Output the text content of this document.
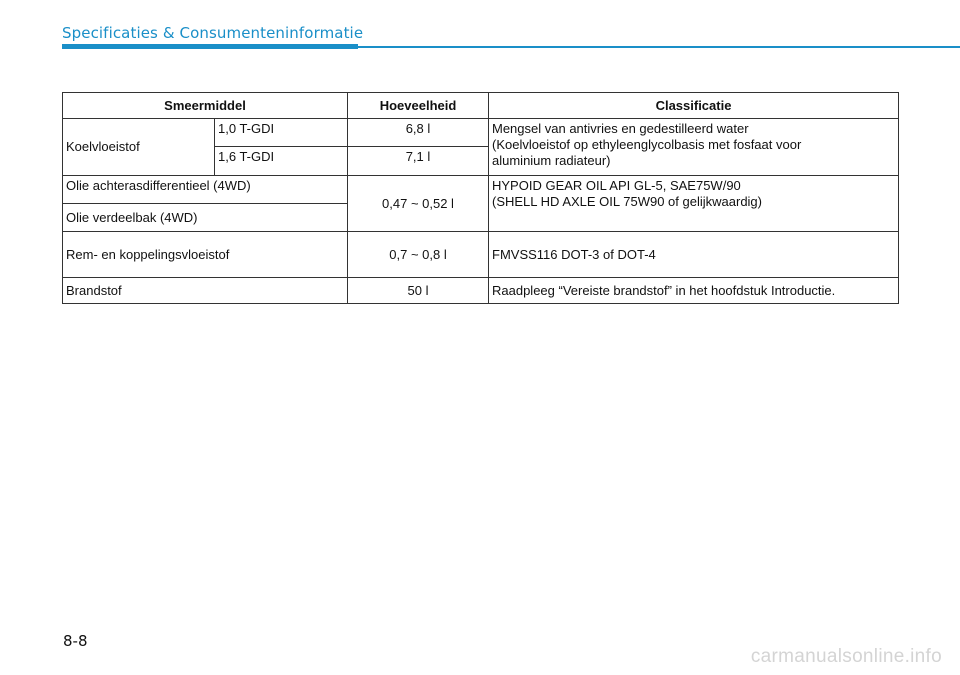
Specificaties & Consumenteninformatie
Smeermiddel		Hoeveelheid	Classificatie
Koelvloeistof	1,0 T-GDI	6,8 l	Mengsel van antivries en gedestilleerd water
(Koelvloeistof op ethyleenglycolbasis met fosfaat voor
aluminium radiateur)

	1,6 T-GDI	7,1 l	
Olie achterasdifferentieel (4WD)		0,47 ~ 0,52 l	HYPOID GEAR OIL API GL-5, SAE75W/90
(SHELL HD AXLE OIL 75W90 of gelijkwaardig)

Olie verdeelbak (4WD)			
Rem- en koppelingsvloeistof		0,7 ~ 0,8 l	FMVSS116 DOT-3 of DOT-4
Brandstof		50 l	Raadpleeg “Vereiste brandstof” in het hoofdstuk Introductie.
8-8
carmanualsonline.info
